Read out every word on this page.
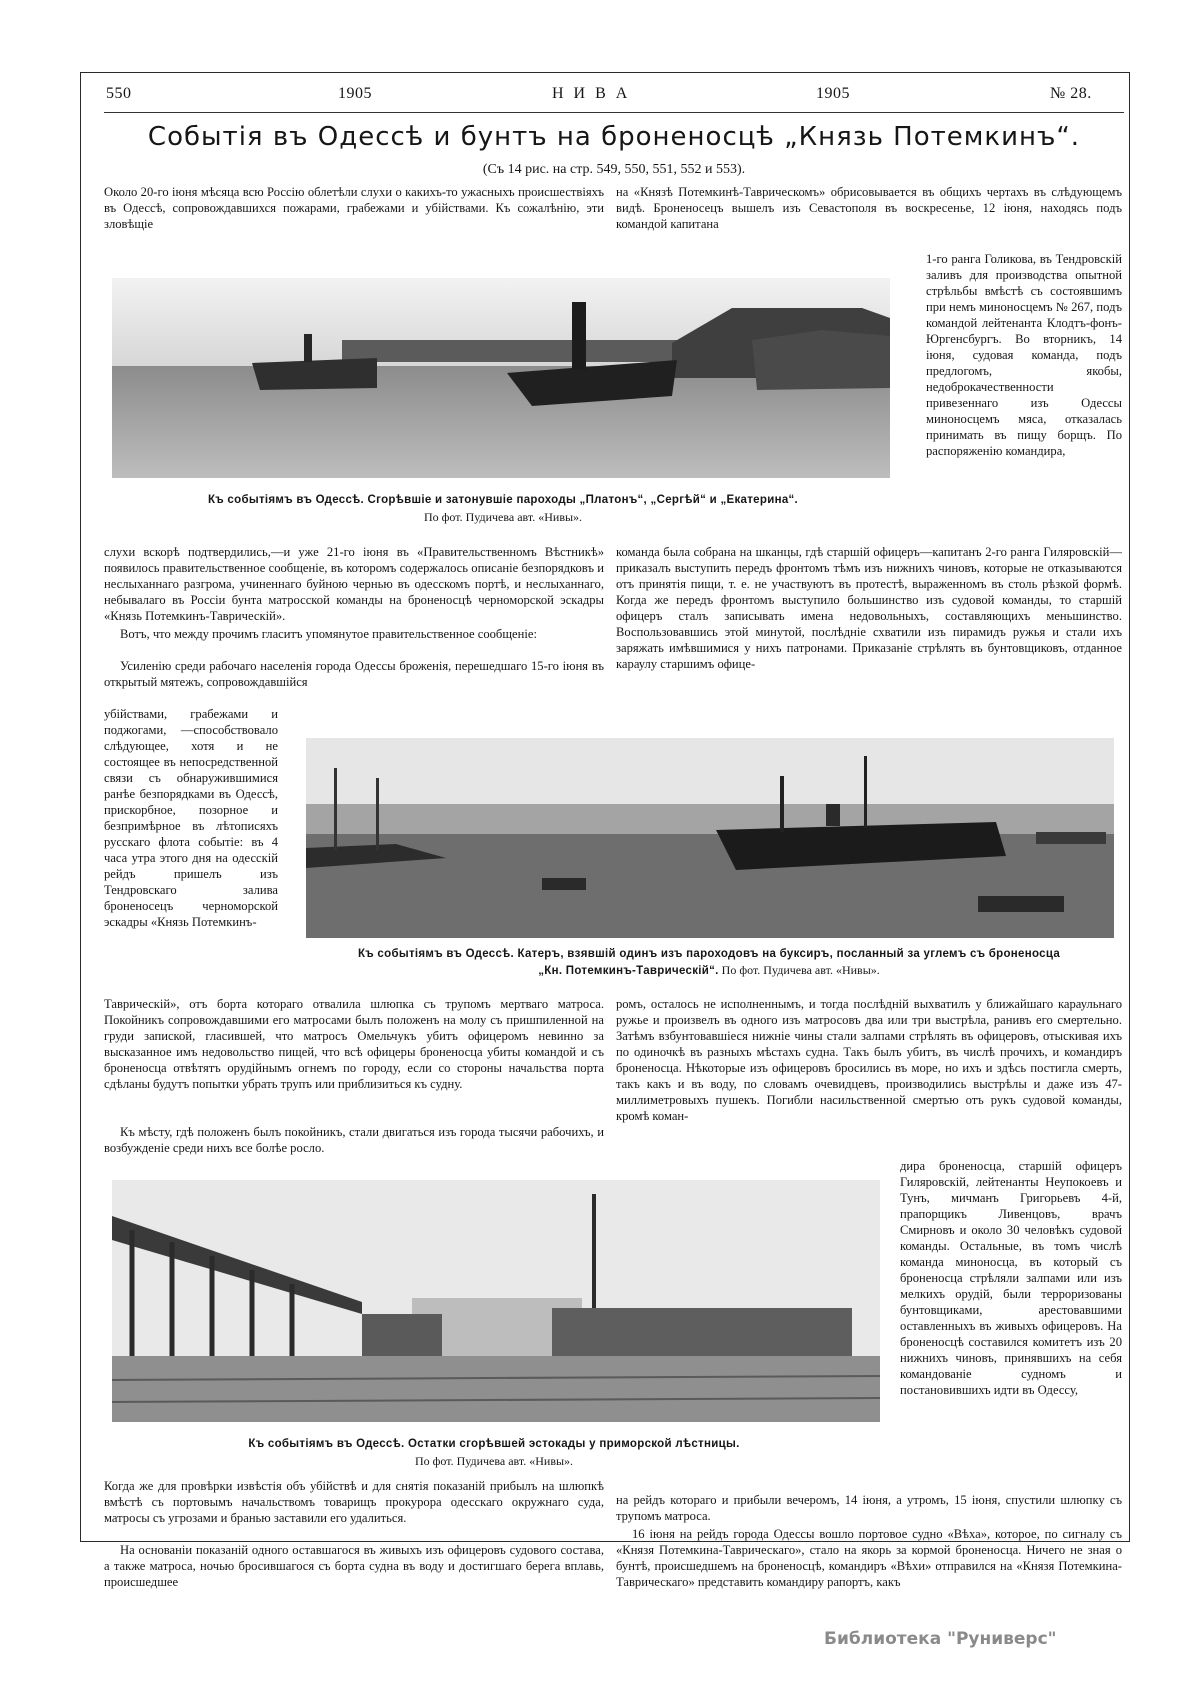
550	1905	Н И В А	1905	№ 28.
Событія въ Одессѣ и бунтъ на броненосцѣ „Князь Потемкинъ“.
(Съ 14 рис. на стр. 549, 550, 551, 552 и 553).
Около 20-го іюня мѣсяца всю Россію облетѣли слухи о какихъ-то ужасныхъ происшествіяхъ въ Одессѣ, сопровождавшихся пожарами, грабежами и убійствами. Къ сожалѣнію, эти зловѣщіе
на «Князѣ Потемкинѣ-Таврическомъ» обрисовывается въ общихъ чертахъ въ слѣдующемъ видѣ. Броненосецъ вышелъ изъ Севастополя въ воскресенье, 12 іюня, находясь подъ командой капитана
Къ событіямъ въ Одессѣ. Сгорѣвшіе и затонувшіе пароходы „Платонъ“, „Сергѣй“ и „Екатерина“.
По фот. Пудичева авт. «Нивы».
1-го ранга Голикова, въ Тендровскій заливъ для производства опытной стрѣльбы вмѣстѣ съ состоявшимъ при немъ миноносцемъ № 267, подъ командой лейтенанта Клодтъ-фонъ-Юргенсбургъ. Во вторникъ, 14 іюня, судовая команда, подъ предлогомъ, якобы, недоброкачественности привезеннаго изъ Одессы миноносцемъ мяса, отказалась принимать въ пищу борщъ. По распоряженію командира,
слухи вскорѣ подтвердились,—и уже 21-го іюня въ «Правительственномъ Вѣстникѣ» появилось правительственное сообщеніе, въ которомъ содержалось описаніе безпорядковъ и неслыханнаго разгрома, учиненнаго буйною чернью въ одесскомъ портѣ, и неслыханнаго, небывалаго въ Россіи бунта матросской команды на броненосцѣ черноморской эскадры «Князь Потемкинъ-Таврическій».
Вотъ, что между прочимъ гласитъ упомянутое правительственное сообщеніе:
Усиленію среди рабочаго населенія города Одессы броженія, перешедшаго 15-го іюня въ открытый мятежъ, сопровождавшійся
команда была собрана на шканцы, гдѣ старшій офицеръ—капитанъ 2-го ранга Гиляровскій—приказалъ выступить передъ фронтомъ тѣмъ изъ нижнихъ чиновъ, которые не отказываются отъ принятія пищи, т. е. не участвуютъ въ протестѣ, выраженномъ въ столь рѣзкой формѣ. Когда же передъ фронтомъ выступило большинство изъ судовой команды, то старшій офицеръ сталъ записывать имена недовольныхъ, составляющихъ меньшинство. Воспользовавшись этой минутой, послѣдніе схватили изъ пирамидъ ружья и стали ихъ заряжать имѣвшимися у нихъ патронами. Приказаніе стрѣлять въ бунтовщиковъ, отданное караулу старшимъ офице-
убійствами, грабежами и поджогами, —способствовало слѣдующее, хотя и не состоящее въ непосредственной связи съ обнаружившимися ранѣе безпорядками въ Одессѣ, прискорбное, позорное и безпримѣрное въ лѣтописяхъ русскаго флота событіе: въ 4 часа утра этого дня на одесскій рейдъ пришелъ изъ Тендровскаго залива броненосецъ черноморской эскадры «Князь Потемкинъ-
Къ событіямъ въ Одессѣ. Катеръ, взявшій одинъ изъ пароходовъ на буксиръ, посланный за углемъ съ броненосца
„Кн. Потемкинъ-Таврическій“. По фот. Пудичева авт. «Нивы».
Таврическій», отъ борта котораго отвалила шлюпка съ трупомъ мертваго матроса. Покойникъ сопровождавшими его матросами былъ положенъ на молу съ пришпиленной на груди запиской, гласившей, что матросъ Омельчукъ убитъ офицеромъ невинно за высказанное имъ недовольство пищей, что всѣ офицеры броненосца убиты командой и съ броненосца отвѣтятъ орудійнымъ огнемъ по городу, если со стороны начальства порта сдѣланы будутъ попытки убрать трупъ или приблизиться къ судну.
Къ мѣсту, гдѣ положенъ былъ покойникъ, стали двигаться изъ города тысячи рабочихъ, и возбужденіе среди нихъ все болѣе росло.
ромъ, осталось не исполненнымъ, и тогда послѣдній выхватилъ у ближайшаго караульнаго ружье и произвелъ въ одного изъ матросовъ два или три выстрѣла, ранивъ его смертельно. Затѣмъ взбунтовавшіеся нижніе чины стали залпами стрѣлять въ офицеровъ, отыскивая ихъ по одиночкѣ въ разныхъ мѣстахъ судна. Такъ былъ убитъ, въ числѣ прочихъ, и командиръ броненосца. Нѣкоторые изъ офицеровъ бросились въ море, но ихъ и здѣсь постигла смерть, такъ какъ и въ воду, по словамъ очевидцевъ, производились выстрѣлы и даже изъ 47-миллиметровыхъ пушекъ. Погибли насильственной смертью отъ рукъ судовой команды, кромѣ коман-
Къ событіямъ въ Одессѣ. Остатки сгорѣвшей эстокады у приморской лѣстницы.
По фот. Пудичева авт. «Нивы».
дира броненосца, старшій офицеръ Гиляровскій, лейтенанты Неупокоевъ и Тунъ, мичманъ Григорьевъ 4-й, прапорщикъ Ливенцовъ, врачъ Смирновъ и около 30 человѣкъ судовой команды. Остальные, въ томъ числѣ команда миноносца, въ который съ броненосца стрѣляли залпами или изъ мелкихъ орудій, были терроризованы бунтовщиками, арестовавшими оставленныхъ въ живыхъ офицеровъ. На броненосцѣ составился комитетъ изъ 20 нижнихъ чиновъ, принявшихъ на себя командованіе судномъ и постановившихъ идти въ Одессу,
Когда же для провѣрки извѣстія объ убійствѣ и для снятія показаній прибылъ на шлюпкѣ вмѣстѣ съ портовымъ начальствомъ товарищъ прокурора одесскаго окружнаго суда, матросы съ угрозами и бранью заставили его удалиться.
На основаніи показаній одного оставшагося въ живыхъ изъ офицеровъ судового состава, а также матроса, ночью бросившагося съ борта судна въ воду и достигшаго берега вплавь, происшедшее
на рейдъ котораго и прибыли вечеромъ, 14 іюня, а утромъ, 15 іюня, спустили шлюпку съ трупомъ матроса.
16 іюня на рейдъ города Одессы вошло портовое судно «Вѣха», которое, по сигналу съ «Князя Потемкина-Таврическаго», стало на якорь за кормой броненосца. Ничего не зная о бунтѣ, происшедшемъ на броненосцѣ, командиръ «Вѣхи» отправился на «Князя Потемкина-Таврическаго» представить командиру рапортъ, какъ
Библиотека "Руниверс"
